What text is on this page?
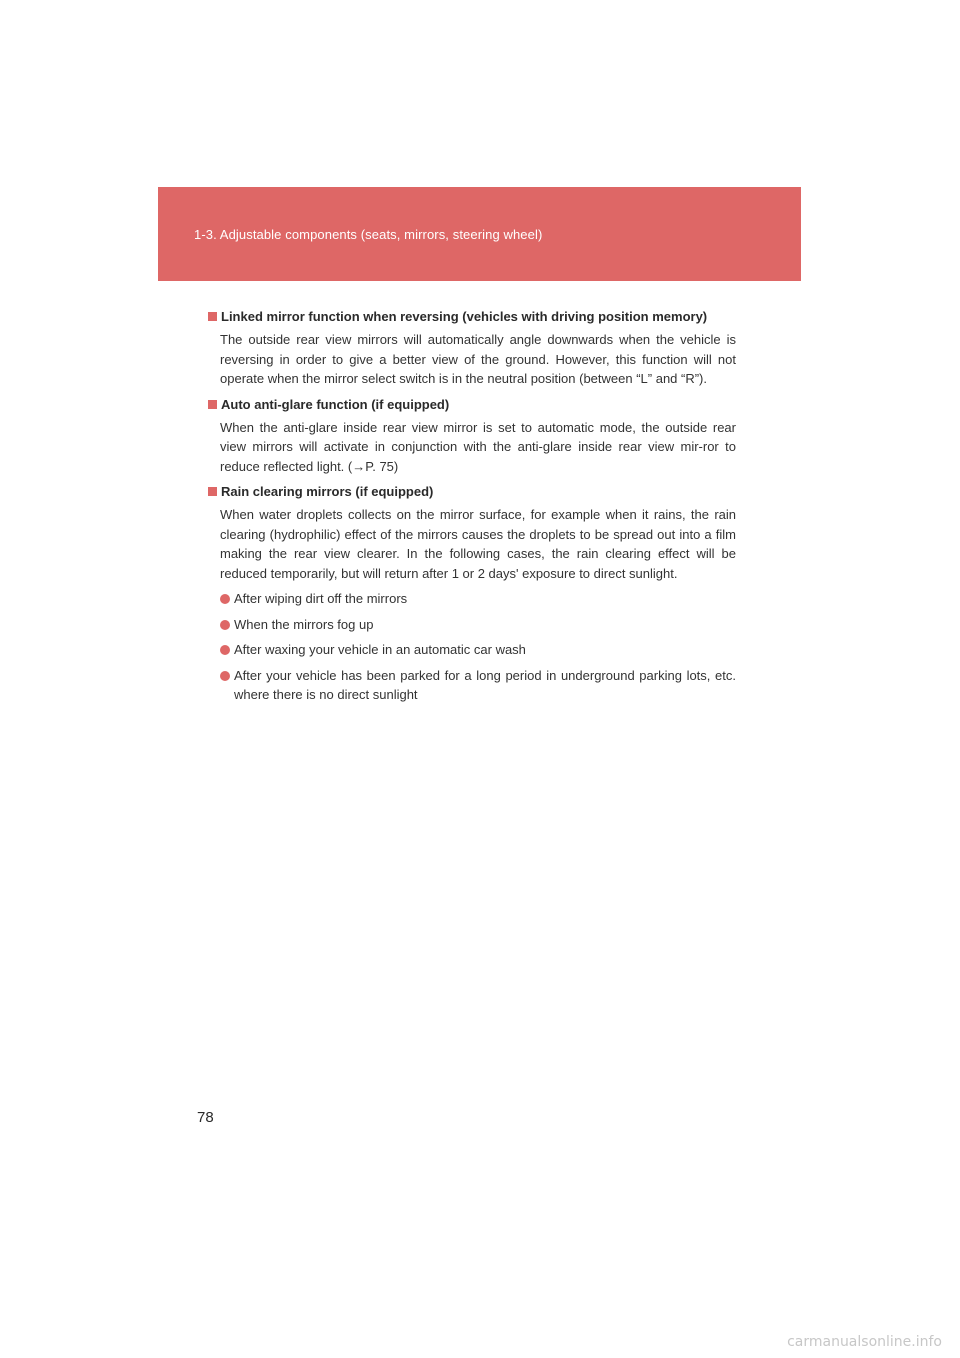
1-3. Adjustable components (seats, mirrors, steering wheel)
Linked mirror function when reversing (vehicles with driving position memory)
The outside rear view mirrors will automatically angle downwards when the vehicle is reversing in order to give a better view of the ground. However, this function will not operate when the mirror select switch is in the neutral position (between “L” and “R”).
Auto anti-glare function (if equipped)
When the anti-glare inside rear view mirror is set to automatic mode, the outside rear view mirrors will activate in conjunction with the anti-glare inside rear view mir-ror to reduce reflected light. (→P. 75)
Rain clearing mirrors (if equipped)
When water droplets collects on the mirror surface, for example when it rains, the rain clearing (hydrophilic) effect of the mirrors causes the droplets to be spread out into a film making the rear view clearer. In the following cases, the rain clearing effect will be reduced temporarily, but will return after 1 or 2 days' exposure to direct sunlight.
After wiping dirt off the mirrors
When the mirrors fog up
After waxing your vehicle in an automatic car wash
After your vehicle has been parked for a long period in underground parking lots, etc. where there is no direct sunlight
78
carmanualsonline.info
